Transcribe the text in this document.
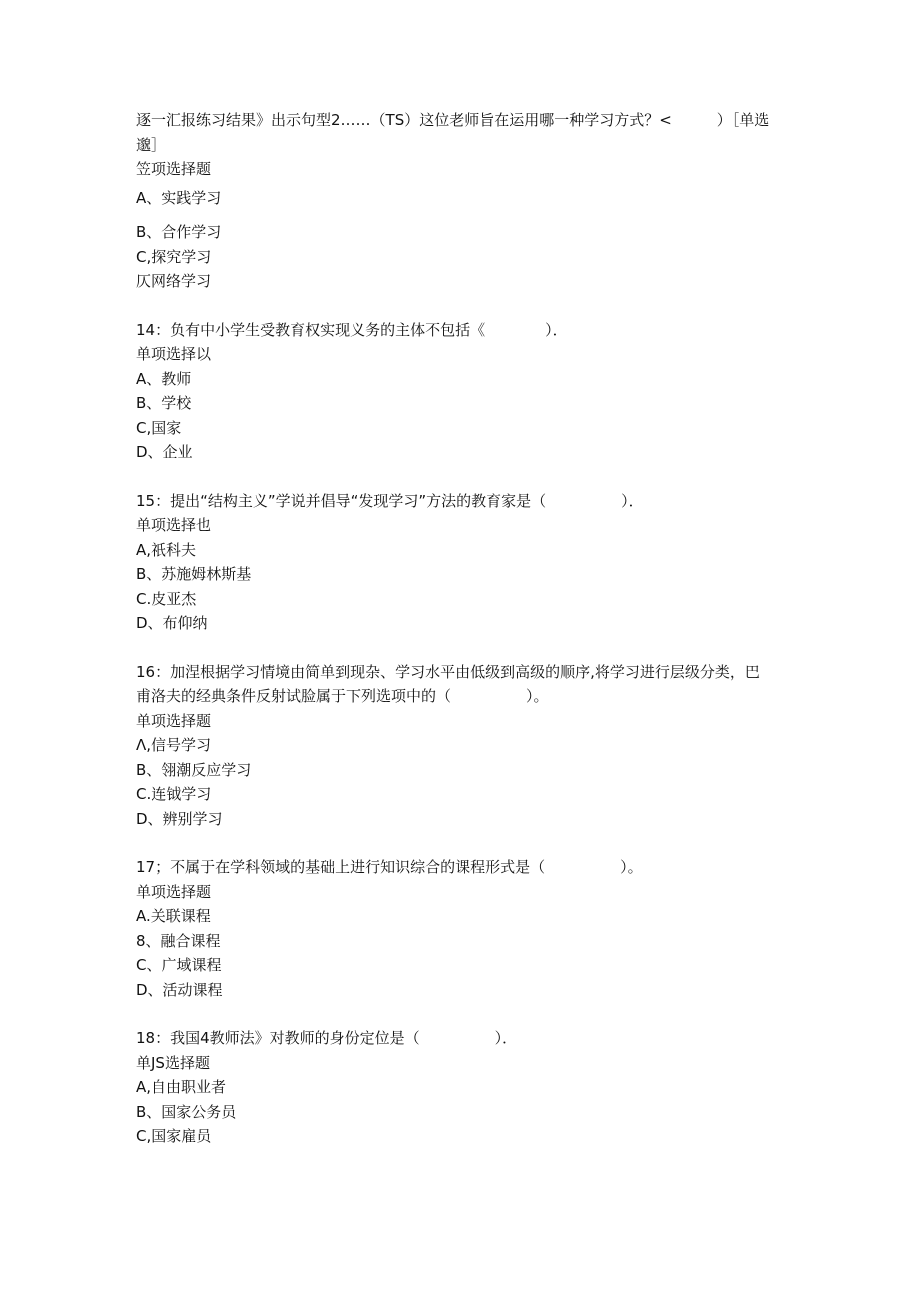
逐一汇报练习结果》出示句型2……（TS）这位老师旨在运用哪一种学习方式？<　　　）［单选

邈］

笠项选择题

A、实践学习

B、合作学习

C,探究学习

仄网络学习

14：负有中小学生受教育权实现义务的主体不包括《　　　　）．

单项选择以

A、教师

B、学校

C,国家

D、企业

15：提出“结构主义”学说并倡导“发现学习”方法的教育家是（　　　　　）．

单项选择也

A,祇科夫

B、苏施姆林斯基

C.皮亚杰

D、布仰纳

16：加涅根据学习情境由简单到现杂、学习水平由低级到高级的顺序,将学习进行层级分类，巴

甫洛夫的经典条件反射试脸属于下列选项中的（　　　　　）。

单项选择题

Λ,信号学习

B、翎潮反应学习

C.连钺学习

D、辨别学习

17；不属于在学科领域的基础上进行知识综合的课程形式是（　　　　　）。

单项选择题

A.关联课程

8、融合课程

C、广域课程

D、活动课程

18：我国4教师法》对教师的身份定位是（　　　　　）．

单JS选择题

A,自由职业者

B、国家公务员

C,国家雇员
